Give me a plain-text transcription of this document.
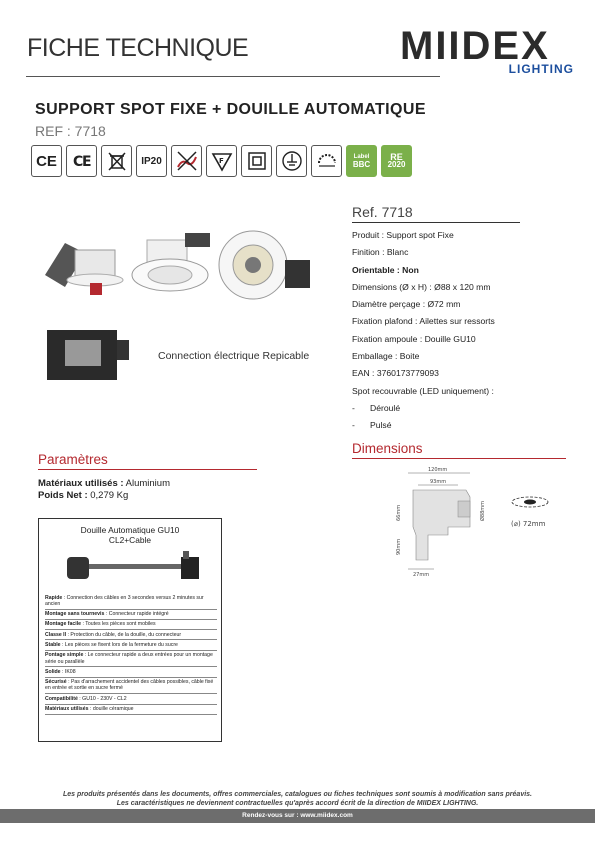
FICHE TECHNIQUE	MIIDEX
LIGHTING
SUPPORT SPOT FIXE + DOUILLE AUTOMATIQUE
REF : 7718
CE C
E	IP20	F	Label
BBC
RE
2020
Connection électrique Repicable
Ref. 7718
Produit : Support spot Fixe
Finition : Blanc
Orientable : Non
Dimensions (Ø x H) : Ø88 x 120 mm
Diamètre perçage : Ø72 mm
Fixation plafond : Ailettes sur ressorts
Fixation ampoule : Douille GU10
Emballage : Boite
EAN : 3760173779093
Spot recouvrable (LED uniquement) :
- Déroulé
- Pulsé
Dimensions
120mm
93mm
66mm
90mm
Ø88mm
27mm
(⌀) 72mm
Paramètres
Matériaux utilisés : Aluminium
Poids Net : 0,279 Kg
Douille Automatique GU10
CL2+Cable
Rapide : Connection des câbles en 3 secondes versus 2 minutes sur ancien
Montage sans tournevis : Connecteur rapide intégré
Montage facile : Toutes les pièces sont mobiles
Classe II : Protection du câble, de la douille, du connecteur
Stable : Les pièces se fixent lors de la fermeture du sucre
Pontage simple : Le connecteur rapide a deux entrées pour un montage série ou parallèle
Solide : IK08
Sécurisé : Pas d'arrachement accidentel des câbles possibles, câble fixé en entrée et sortie en sucre fermé
Compatibilité : GU10 - 230V - CL2
Matériaux utilisés : douille céramique
Les produits présentés dans les documents, offres commerciales, catalogues ou fiches techniques sont soumis à modification sans préavis.
Les caractéristiques ne deviennent contractuelles qu'après accord écrit de la direction de MIIDEX LIGHTING.
Rendez-vous sur : www.miidex.com
